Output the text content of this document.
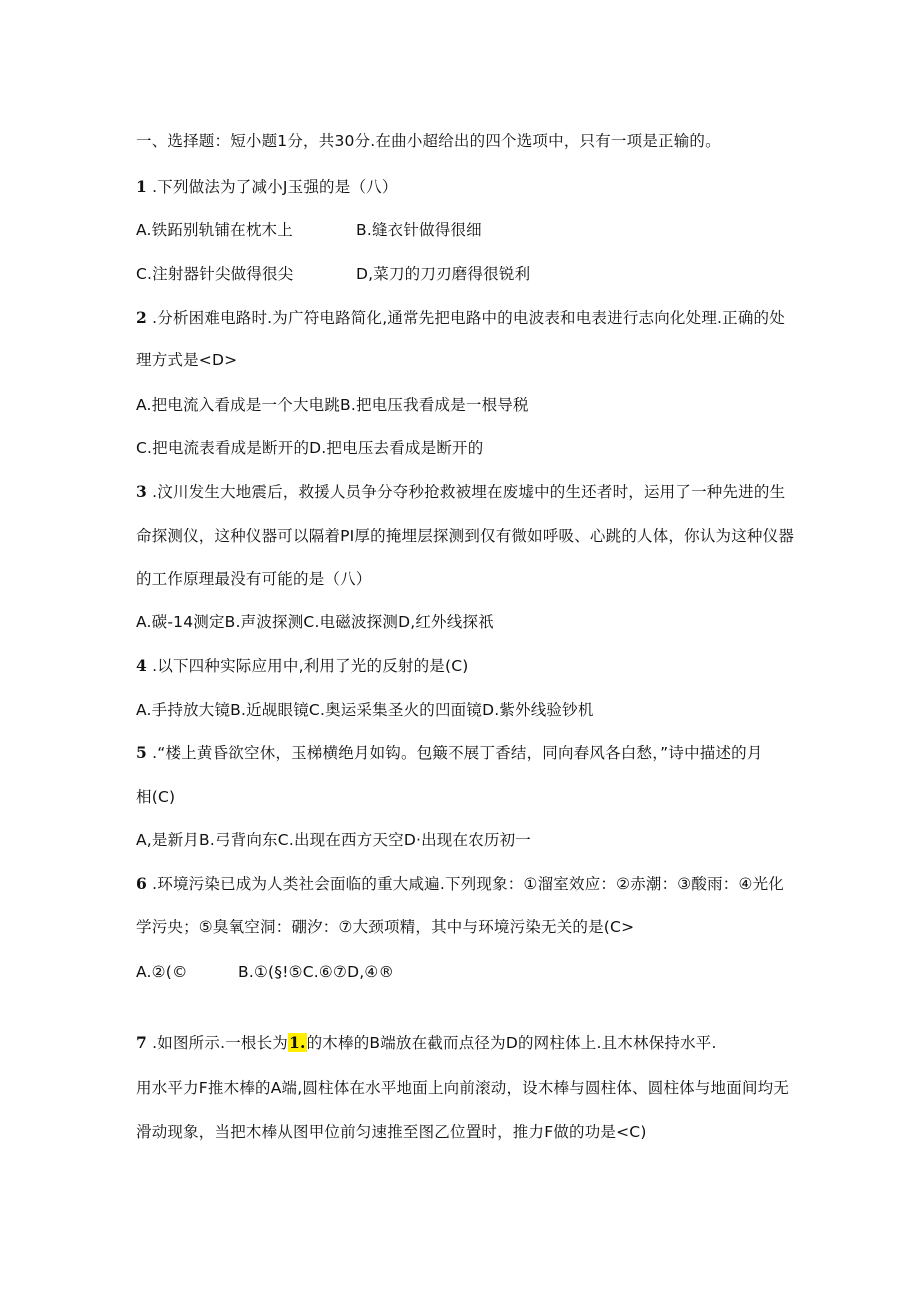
一、选择题：短小题1分，共30分.在曲小超给出的四个选项中，只有一项是正输的。
1 .下列做法为了减小J玉强的是（八）
A.铁跖别轨铺在枕木上	B.缝衣针做得很细
C.注射器针尖做得很尖	D,菜刀的刀刃磨得很锐利
2 .分析困难电路时.为广符电路简化,通常先把电路中的电波表和电表进行志向化处理.正确的处
理方式是<D>
A.把电流入看成是一个大电跳B.把电压我看成是一根导税
C.把电流表看成是断开的D.把电压去看成是断开的
3 .汶川发生大地震后，救援人员争分夺秒抢救被埋在废墟中的生还者时，运用了一种先进的生
命探测仪，这种仪器可以隔着PI厚的掩埋层探测到仅有微如呼吸、心跳的人体，你认为这种仪器
的工作原理最没有可能的是（八）
A.碳-14测定B.声波探测C.电磁波探测D,红外线探祇
4 .以下四种实际应用中,利用了光的反射的是(C)
A.手持放大镜B.近觇眼镜C.奥运采集圣火的凹面镜D.紫外线验钞机
5 .“楼上黄昏欲空休，玉梯横绝月如钩。包簸不展丁香结，同向春风各白愁，”诗中描述的月
相(C)
A,是新月B.弓背向东C.出现在西方天空D·出现在农历初一
6 .环境污染已成为人类社会面临的重大咸遍.下列现象：①溜室效应：②赤潮：③酸雨：④光化
学污央；⑤臭氧空洞：硼汐：⑦大颈项精，其中与环境污染无关的是(C>
A.②(©	B.①(§!⑤C.⑥⑦D,④®
7 .如图所示.一根长为1.的木棒的B端放在截而点径为D的网柱体上.且木林保持水平.
用水平力F推木棒的A端,圆柱体在水平地面上向前滚动，设木棒与圆柱体、圆柱体与地面间均无
滑动现象，当把木棒从图甲位前匀速推至图乙位置时，推力F做的功是<C)
